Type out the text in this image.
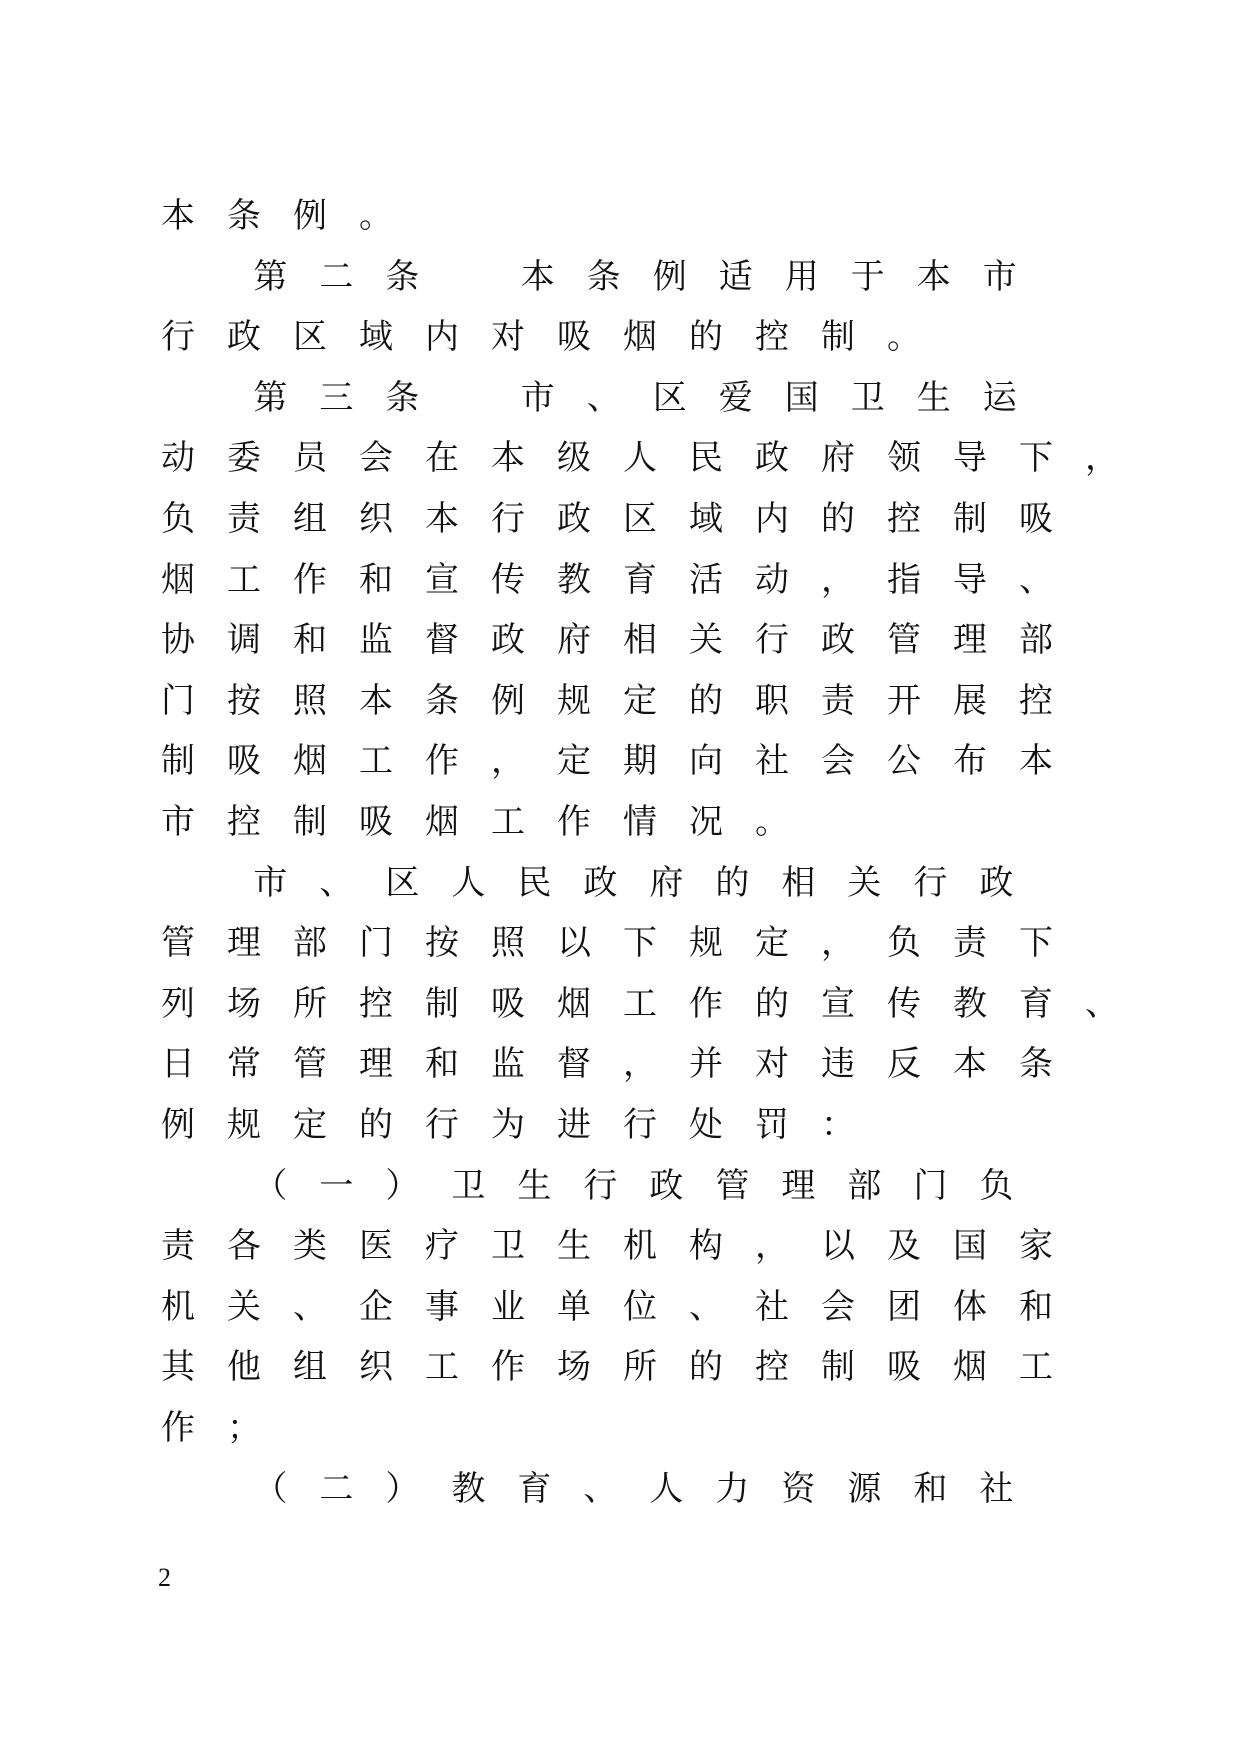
本 条 例 。
第 二 条	本 条 例 适 用 于 本 市
行 政 区 域 内 对 吸 烟 的 控 制 。
第 三 条	市 、 区 爱 国 卫 生 运
动 委 员 会 在 本 级 人 民 政 府 领 导 下 ，
负 责 组 织 本 行 政 区 域 内 的 控 制 吸
烟 工 作 和 宣 传 教 育 活 动 ， 指 导 、
协 调 和 监 督 政 府 相 关 行 政 管 理 部
门 按 照 本 条 例 规 定 的 职 责 开 展 控
制 吸 烟 工 作 ， 定 期 向 社 会 公 布 本
市 控 制 吸 烟 工 作 情 况 。
市 、 区 人 民 政 府 的 相 关 行 政
管 理 部 门 按 照 以 下 规 定 ， 负 责 下
列 场 所 控 制 吸 烟 工 作 的 宣 传 教 育 、
日 常 管 理 和 监 督 ， 并 对 违 反 本 条
例 规 定 的 行 为 进 行 处 罚 ：
（ 一 ） 卫 生 行 政 管 理 部 门 负
责 各 类 医 疗 卫 生 机 构 ， 以 及 国 家
机 关 、 企 事 业 单 位 、 社 会 团 体 和
其 他 组 织 工 作 场 所 的 控 制 吸 烟 工
作 ；
（ 二 ） 教 育 、 人 力 资 源 和 社
2
